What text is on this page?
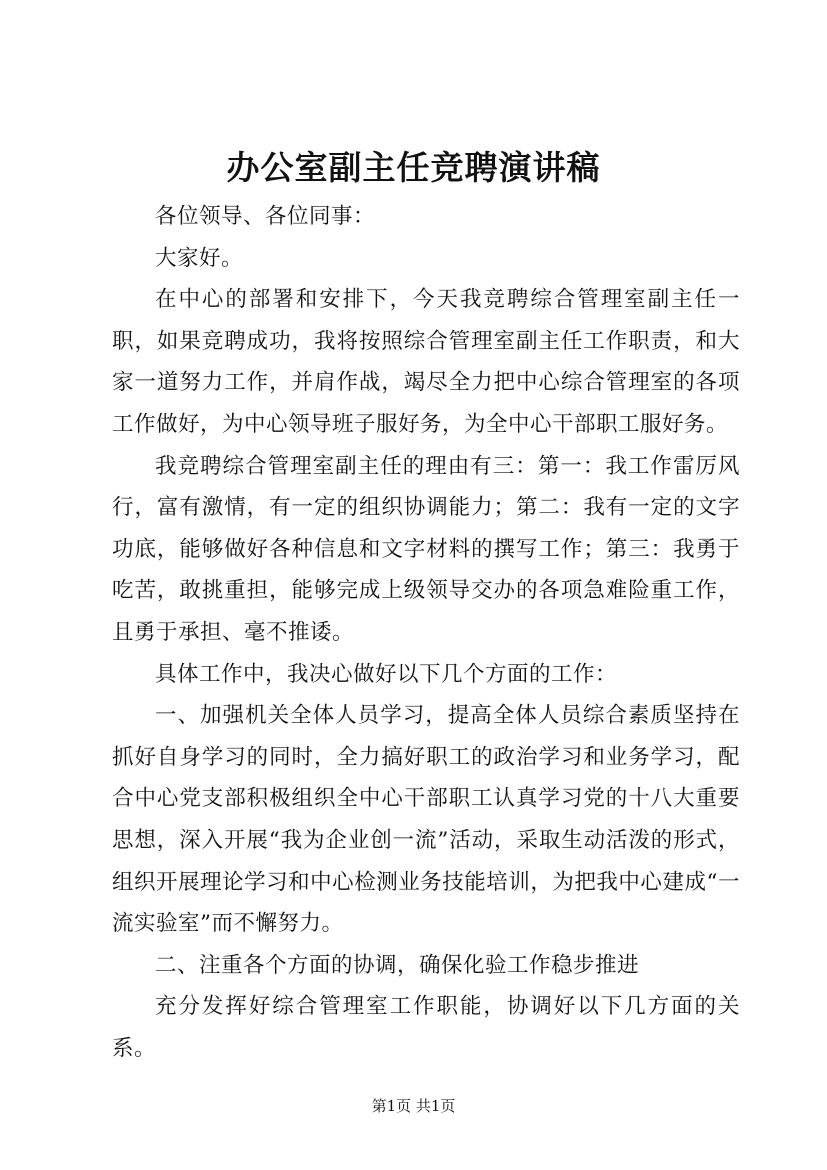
办公室副主任竞聘演讲稿

各位领导、各位同事：

大家好。

在中心的部署和安排下，今天我竞聘综合管理室副主任一职，如果竞聘成功，我将按照综合管理室副主任工作职责，和大家一道努力工作，并肩作战，竭尽全力把中心综合管理室的各项工作做好，为中心领导班子服好务，为全中心干部职工服好务。

我竞聘综合管理室副主任的理由有三：第一：我工作雷厉风行，富有激情，有一定的组织协调能力；第二：我有一定的文字功底，能够做好各种信息和文字材料的撰写工作；第三：我勇于吃苦，敢挑重担，能够完成上级领导交办的各项急难险重工作，且勇于承担、毫不推诿。

具体工作中，我决心做好以下几个方面的工作：

一、加强机关全体人员学习，提高全体人员综合素质坚持在抓好自身学习的同时，全力搞好职工的政治学习和业务学习，配合中心党支部积极组织全中心干部职工认真学习党的十八大重要思想，深入开展“我为企业创一流”活动，采取生动活泼的形式，组织开展理论学习和中心检测业务技能培训，为把我中心建成“一流实验室”而不懈努力。

二、注重各个方面的协调，确保化验工作稳步推进

充分发挥好综合管理室工作职能，协调好以下几方面的关系。

第1页 共1页
